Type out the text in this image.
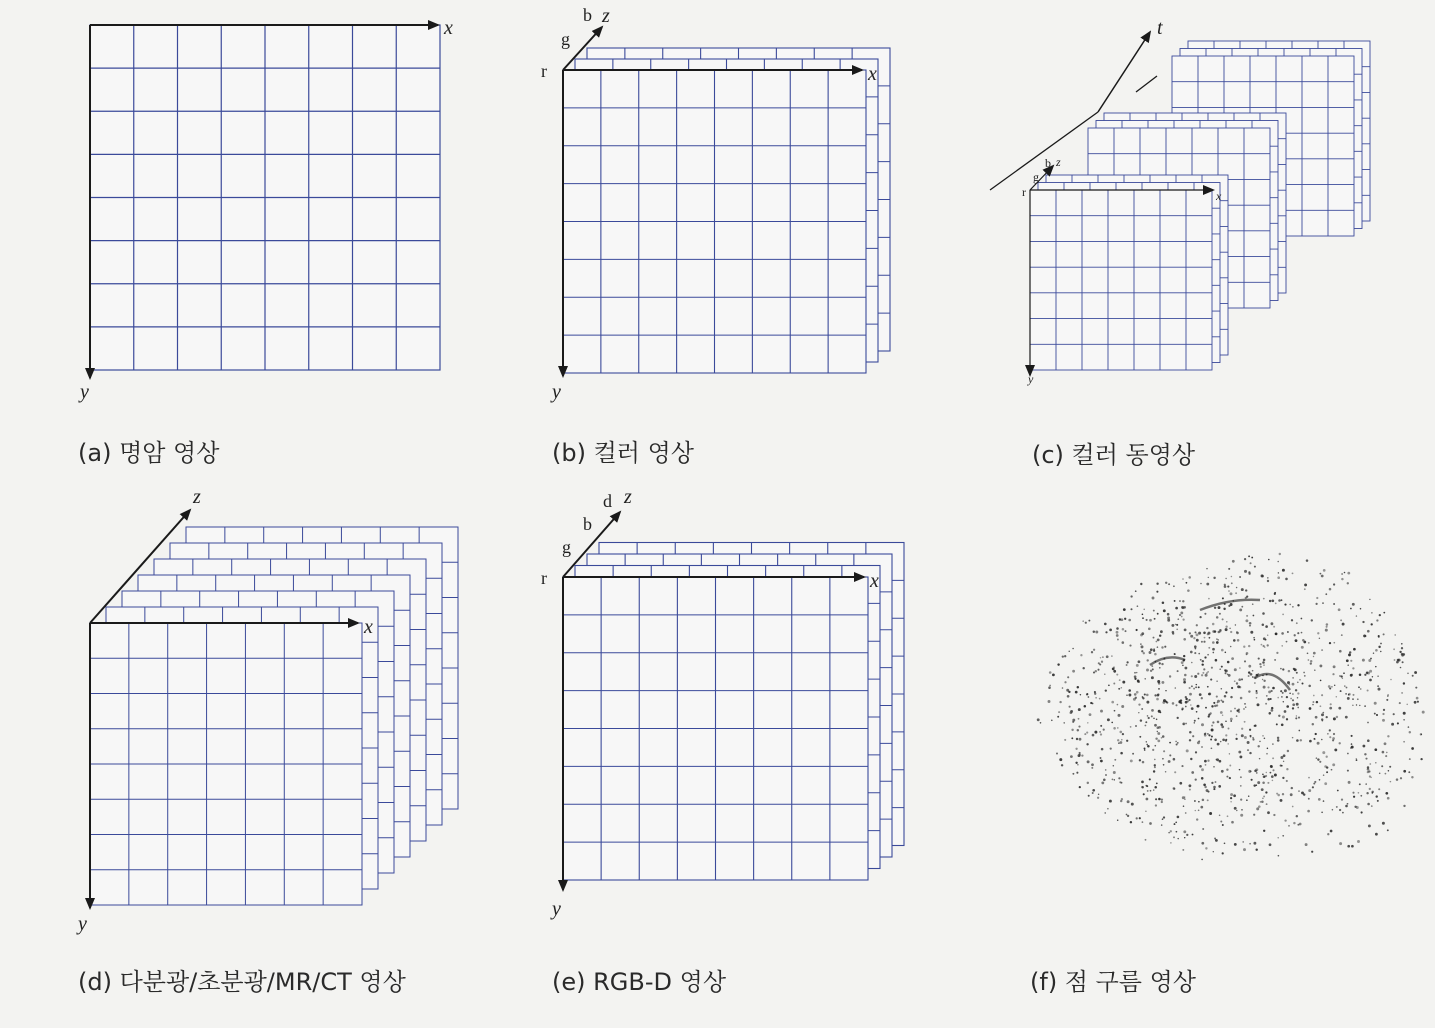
x
y
x
y
z
r
g
b
t
x
y
z
r
g
b
x
y
z
x
y
z
r
g
b
d
(a) 명암 영상	(b) 컬러 영상	(c) 컬러 동영상
(d) 다분광/초분광/MR/CT 영상	(e) RGB-D 영상	(f) 점 구름 영상
